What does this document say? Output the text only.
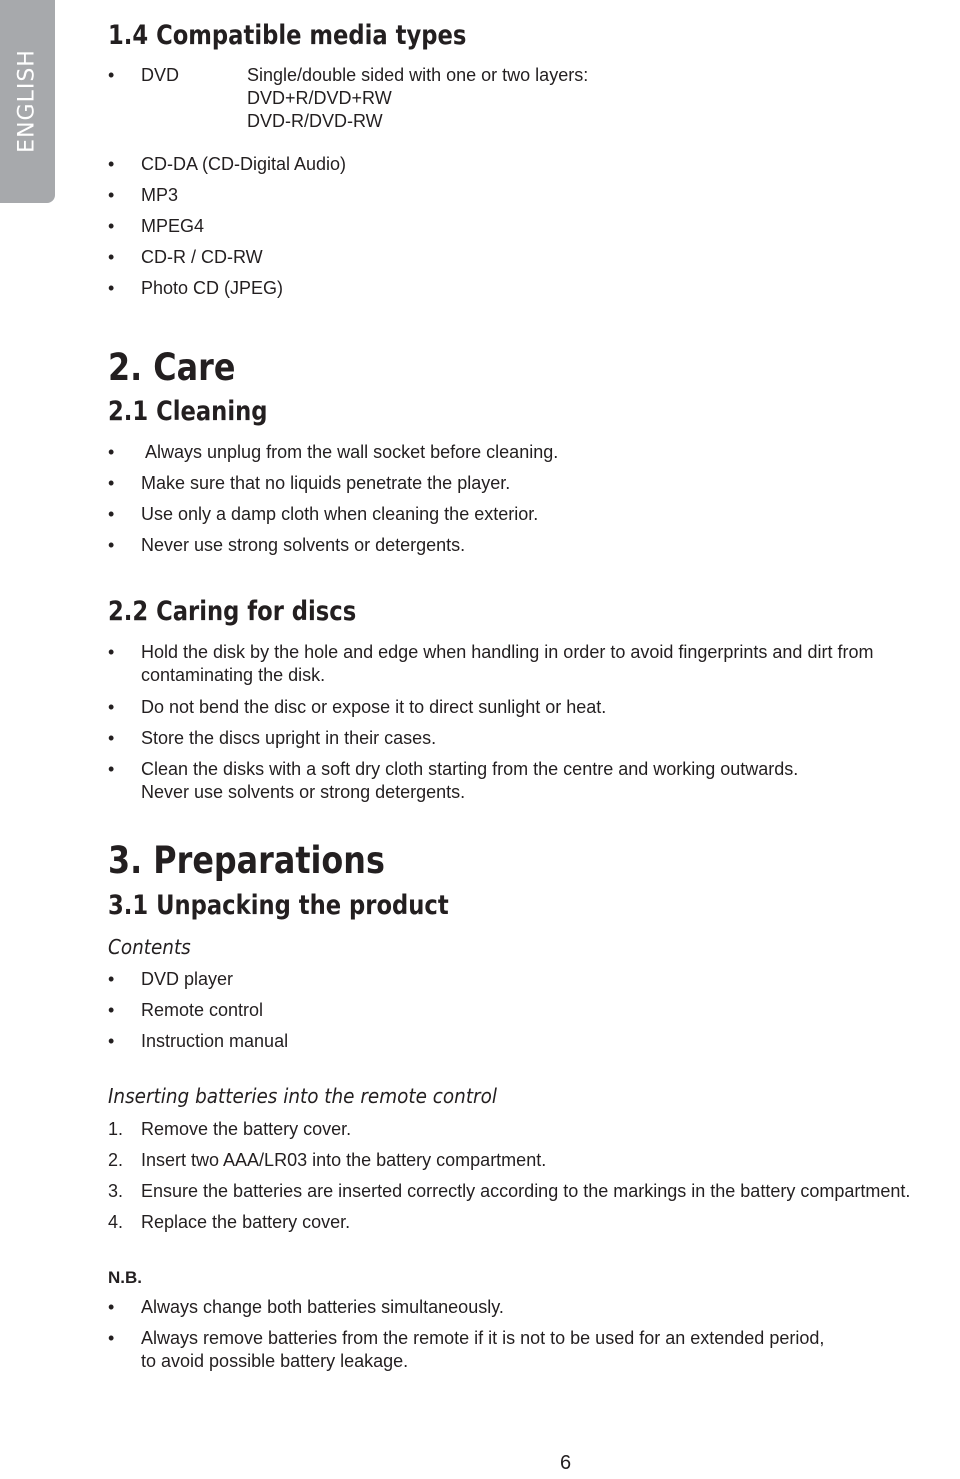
ENGLISH
1.4 Compatible media types
• DVD	Single/double sided with one or two layers:
DVD+R/DVD+RW
DVD-R/DVD-RW
• CD-DA (CD-Digital Audio)
• MP3
• MPEG4
• CD-R / CD-RW
• Photo CD (JPEG)
2. Care
2.1 Cleaning
• Always unplug from the wall socket before cleaning.
• Make sure that no liquids penetrate the player.
• Use only a damp cloth when cleaning the exterior.
• Never use strong solvents or detergents.
2.2 Caring for discs
• Hold the disk by the hole and edge when handling in order to avoid fingerprints and dirt from
contaminating the disk.
• Do not bend the disc or expose it to direct sunlight or heat.
• Store the discs upright in their cases.
• Clean the disks with a soft dry cloth starting from the centre and working outwards.
Never use solvents or strong detergents.
3. Preparations
3.1 Unpacking the product
Contents
• DVD player
• Remote control
• Instruction manual
Inserting batteries into the remote control
1. Remove the battery cover.
2. Insert two AAA/LR03 into the battery compartment.
3. Ensure the batteries are inserted correctly according to the markings in the battery compartment.
4. Replace the battery cover.
N.B.
• Always change both batteries simultaneously.
• Always remove batteries from the remote if it is not to be used for an extended period,
to avoid possible battery leakage.
6
